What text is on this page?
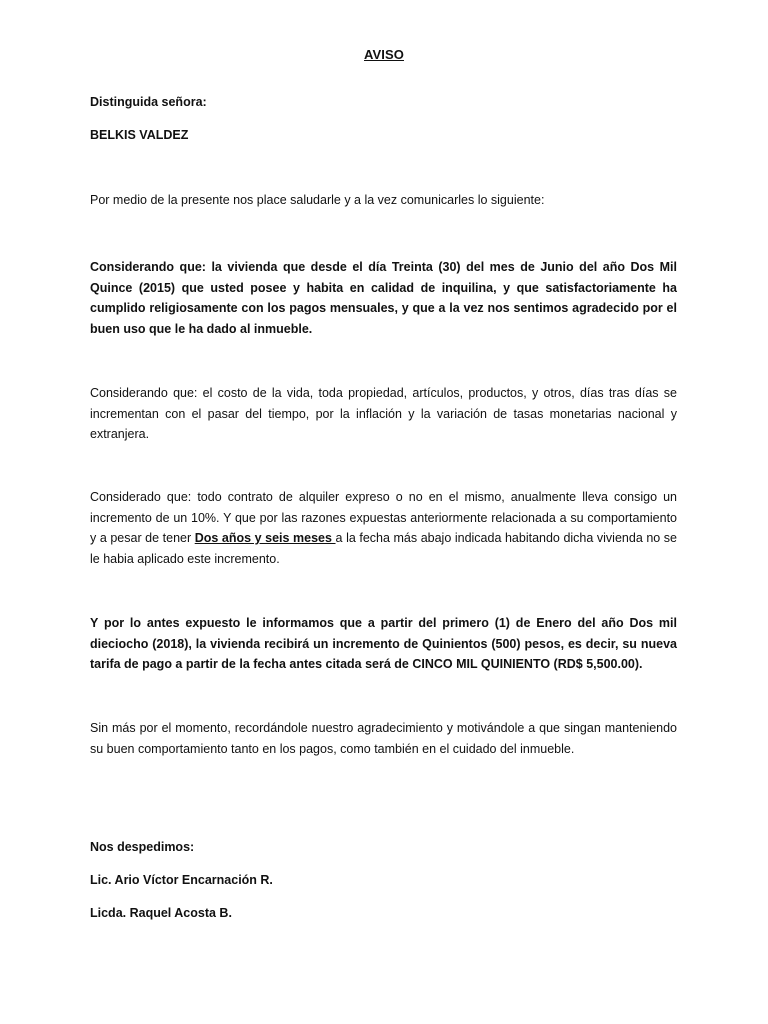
AVISO
Distinguida señora:
BELKIS VALDEZ
Por medio de la presente nos place saludarle y a la vez comunicarles lo siguiente:

Considerando que: la vivienda que desde el día Treinta (30) del mes de Junio del año Dos Mil Quince (2015) que usted posee y habita en calidad de inquilina, y que satisfactoriamente ha cumplido religiosamente con los pagos mensuales, y que a la vez nos sentimos agradecido por el buen uso que le ha dado al inmueble.

Considerando que: el costo de la vida, toda propiedad, artículos, productos, y otros, días tras días se incrementan con el pasar del tiempo, por la inflación y la variación de tasas monetarias nacional y extranjera.

Considerado que: todo contrato de alquiler expreso o no en el mismo, anualmente lleva consigo un incremento de un 10%. Y que por las razones expuestas anteriormente relacionada a su comportamiento y a pesar de tener Dos años y seis meses a la fecha más abajo indicada habitando dicha vivienda no se le habia aplicado este incremento.

Y por lo antes expuesto le informamos que a partir del primero (1) de Enero del año Dos mil dieciocho (2018), la vivienda recibirá un incremento de Quinientos (500) pesos, es decir, su nueva tarifa de pago a partir de la fecha antes citada será de CINCO MIL QUINIENTO (RD$ 5,500.00).

Sin más por el momento, recordándole nuestro agradecimiento y motivándole a que singan manteniendo su buen comportamiento tanto en los pagos, como también en el cuidado del inmueble.

Nos despedimos:
Lic. Ario Víctor Encarnación R.
Licda. Raquel Acosta B.
